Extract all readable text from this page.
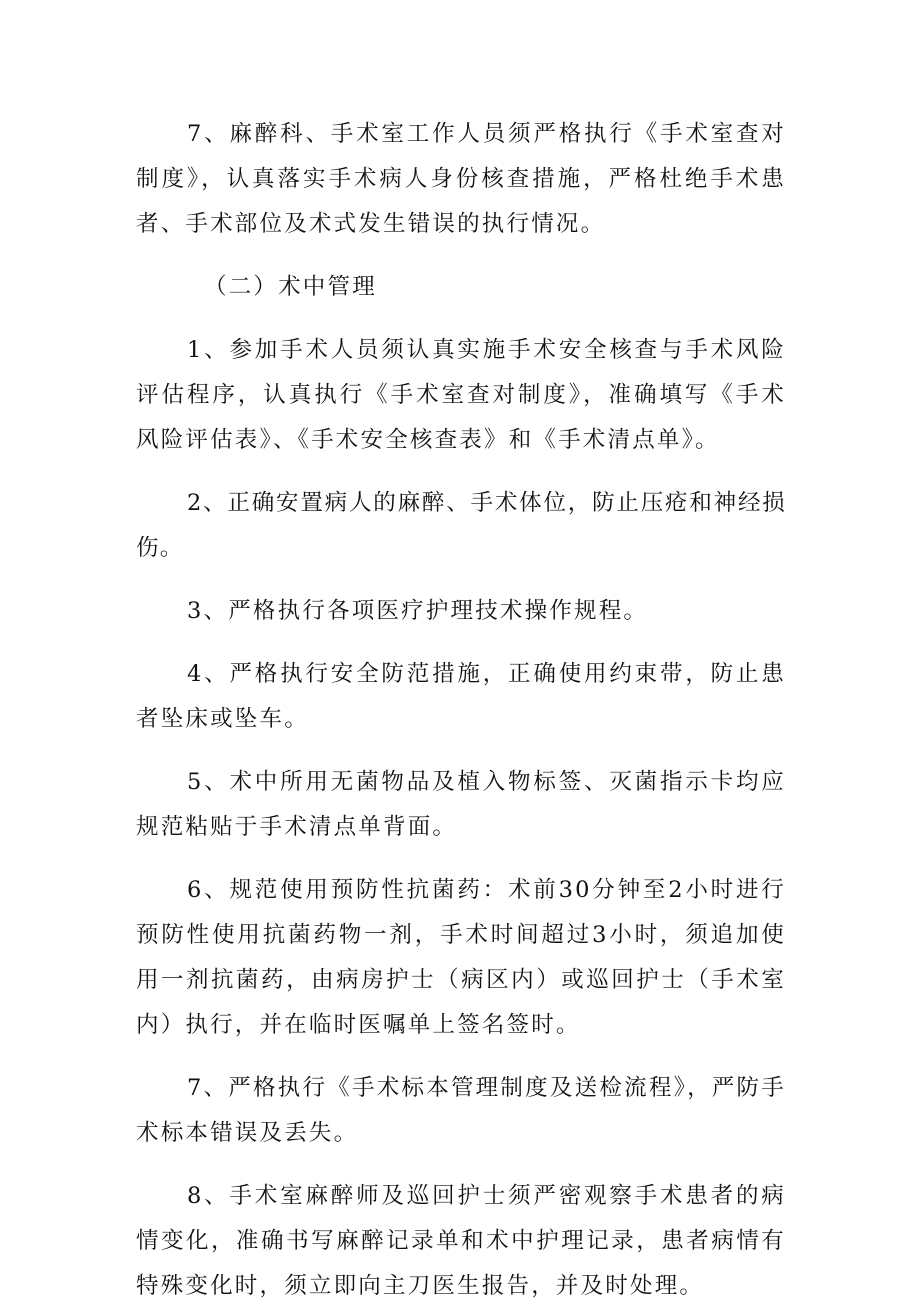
7、麻醉科、手术室工作人员须严格执行《手术室查对制度》，认真落实手术病人身份核查措施，严格杜绝手术患者、手术部位及术式发生错误的执行情况。

（二）术中管理

1、参加手术人员须认真实施手术安全核查与手术风险评估程序，认真执行《手术室查对制度》，准确填写《手术风险评估表》、《手术安全核查表》和《手术清点单》。

2、正确安置病人的麻醉、手术体位，防止压疮和神经损伤。

3、严格执行各项医疗护理技术操作规程。

4、严格执行安全防范措施，正确使用约束带，防止患者坠床或坠车。

5、术中所用无菌物品及植入物标签、灭菌指示卡均应规范粘贴于手术清点单背面。

6、规范使用预防性抗菌药：术前30分钟至2小时进行预防性使用抗菌药物一剂，手术时间超过3小时，须追加使用一剂抗菌药，由病房护士（病区内）或巡回护士（手术室内）执行，并在临时医嘱单上签名签时。

7、严格执行《手术标本管理制度及送检流程》，严防手术标本错误及丢失。

8、手术室麻醉师及巡回护士须严密观察手术患者的病情变化，准确书写麻醉记录单和术中护理记录，患者病情有特殊变化时，须立即向主刀医生报告，并及时处理。
